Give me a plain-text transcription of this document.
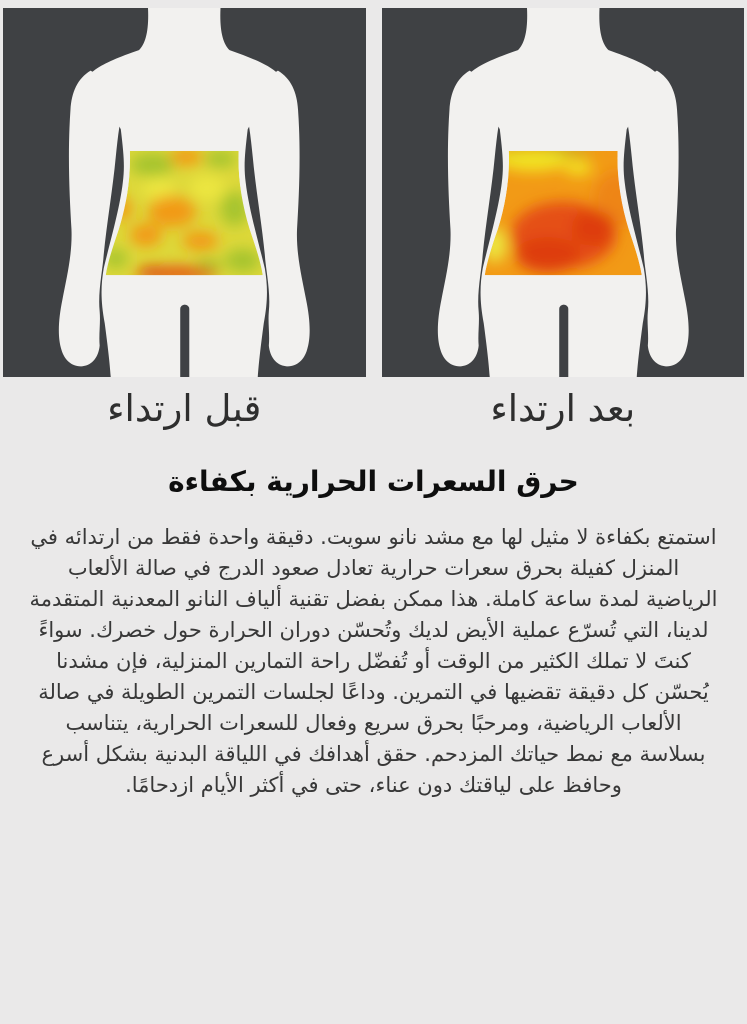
قبل ارتداء	بعد ارتداء
حرق السعرات الحرارية بكفاءة

استمتع بكفاءة لا مثيل لها مع مشد نانو سويت. دقيقة واحدة فقط من ارتدائه في المنزل كفيلة بحرق سعرات حرارية تعادل صعود الدرج في صالة الألعاب الرياضية لمدة ساعة كاملة. هذا ممكن بفضل تقنية ألياف النانو المعدنية المتقدمة لدينا، التي تُسرّع عملية الأيض لديك وتُحسّن دوران الحرارة حول خصرك. سواءً كنتَ لا تملك الكثير من الوقت أو تُفضّل راحة التمارين المنزلية، فإن مشدنا يُحسّن كل دقيقة تقضيها في التمرين. وداعًا لجلسات التمرين الطويلة في صالة الألعاب الرياضية، ومرحبًا بحرق سريع وفعال للسعرات الحرارية، يتناسب بسلاسة مع نمط حياتك المزدحم. حقق أهدافك في اللياقة البدنية بشكل أسرع وحافظ على لياقتك دون عناء، حتى في أكثر الأيام ازدحامًا.
